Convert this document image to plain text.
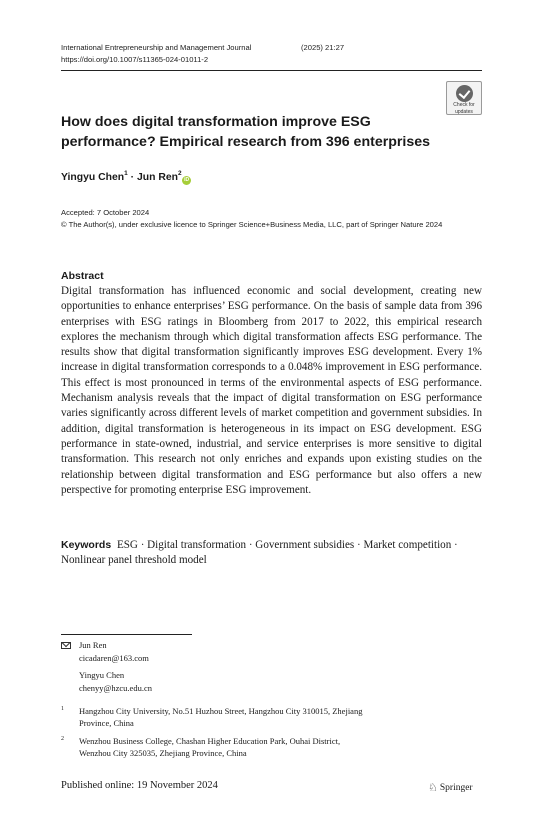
International Entrepreneurship and Management Journal	(2025) 21:27
https://doi.org/10.1007/s11365-024-01011-2
Check for
updates
How does digital transformation improve ESG performance? Empirical research from 396 enterprises
Yingyu Chen$^1$ · Jun Ren$^2$iD
Accepted: 7 October 2024
© The Author(s), under exclusive licence to Springer Science+Business Media, LLC, part of Springer Nature 2024
Abstract

Digital transformation has influenced economic and social development, creating new opportunities to enhance enterprises’ ESG performance. On the basis of sample data from 396 enterprises with ESG ratings in Bloomberg from 2017 to 2022, this empirical research explores the mechanism through which digital transformation affects ESG performance. The results show that digital transformation significantly improves ESG development. Every 1% increase in digital transformation corresponds to a 0.048% improvement in ESG performance. This effect is most pronounced in terms of the environmental aspects of ESG performance. Mechanism analysis reveals that the impact of digital transformation on ESG performance varies significantly across different levels of market competition and government subsidies. In addition, digital transformation is heterogeneous in its impact on ESG development. ESG performance in state-owned, industrial, and service enterprises is more sensitive to digital transformation. This research not only enriches and expands upon existing studies on the relationship between digital transformation and ESG performance but also offers a new perspective for promoting enterprise ESG improvement.

Keywords ESG · Digital transformation · Government subsidies · Market competition · Nonlinear panel threshold model

Jun Ren
cicadaren@163.com
Yingyu Chen
chenyy@hzcu.edu.cn
1 Hangzhou City University, No.51 Huzhou Street, Hangzhou City 310015, Zhejiang
Province, China
2 Wenzhou Business College, Chashan Higher Education Park, Ouhai District,
Wenzhou City 325035, Zhejiang Province, China
Published online: 19 November 2024	♘ Springer
